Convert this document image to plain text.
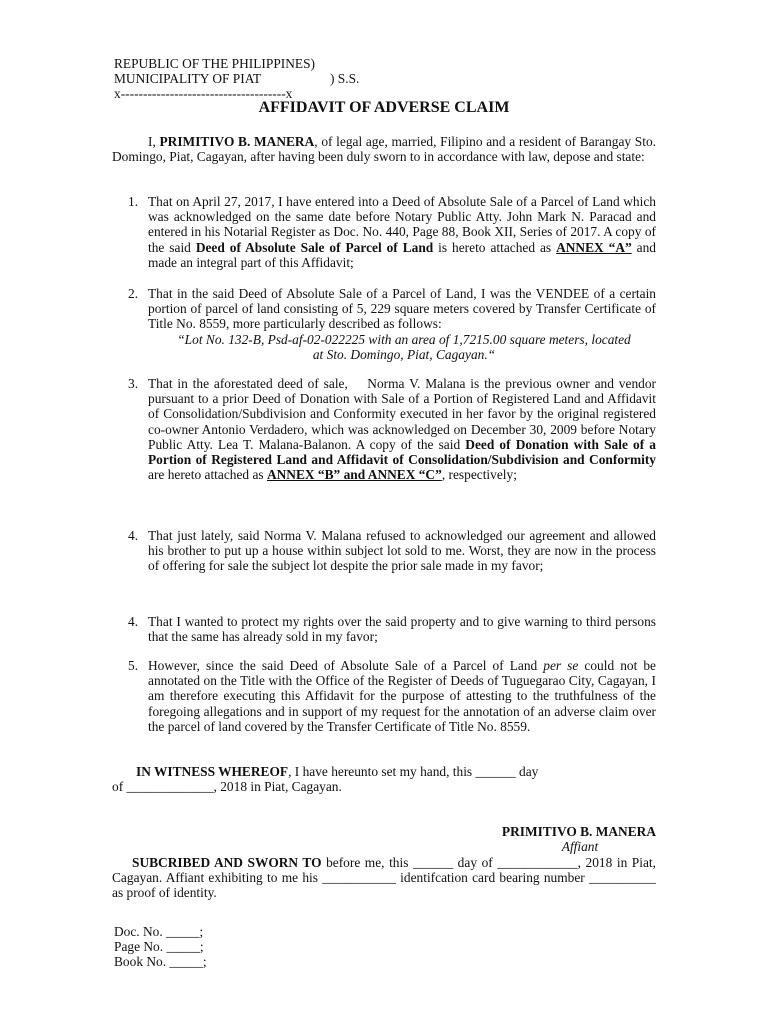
REPUBLIC OF THE PHILIPPINES)
MUNICIPALITY OF PIAT	) S.S.
x-------------------------------------x
AFFIDAVIT OF ADVERSE CLAIM
I, PRIMITIVO B. MANERA, of legal age, married, Filipino and a resident of Barangay Sto. Domingo, Piat, Cagayan, after having been duly sworn to in accordance with law, depose and state:
1. That on April 27, 2017, I have entered into a Deed of Absolute Sale of a Parcel of Land which was acknowledged on the same date before Notary Public Atty. John Mark N. Paracad and entered in his Notarial Register as Doc. No. 440, Page 88, Book XII, Series of 2017. A copy of the said Deed of Absolute Sale of Parcel of Land is hereto attached as ANNEX “A” and made an integral part of this Affidavit;
2. That in the said Deed of Absolute Sale of a Parcel of Land, I was the VENDEE of a certain portion of parcel of land consisting of 5, 229 square meters covered by Transfer Certificate of Title No. 8559, more particularly described as follows:
“Lot No. 132-B, Psd-af-02-022225 with an area of 1,7215.00 square meters, located
at Sto. Domingo, Piat, Cagayan.“
3. That in the aforestated deed of sale,    Norma V. Malana is the previous owner and vendor pursuant to a prior Deed of Donation with Sale of a Portion of Registered Land and Affidavit of Consolidation/Subdivision and Conformity executed in her favor by the original registered co-owner Antonio Verdadero, which was acknowledged on December 30, 2009 before Notary Public Atty. Lea T. Malana-Balanon. A copy of the said Deed of Donation with Sale of a Portion of Registered Land and Affidavit of Consolidation/Subdivision and Conformity are hereto attached as ANNEX “B” and ANNEX “C”, respectively;
4. That just lately, said Norma V. Malana refused to acknowledged our agreement and allowed his brother to put up a house within subject lot sold to me. Worst, they are now in the process of offering for sale the subject lot despite the prior sale made in my favor;
4. That I wanted to protect my rights over the said property and to give warning to third persons that the same has already sold in my favor;
5. However, since the said Deed of Absolute Sale of a Parcel of Land per se could not be annotated on the Title with the Office of the Register of Deeds of Tuguegarao City, Cagayan, I am therefore executing this Affidavit for the purpose of attesting to the truthfulness of the foregoing allegations and in support of my request for the annotation of an adverse claim over the parcel of land covered by the Transfer Certificate of Title No. 8559.
IN WITNESS WHEREOF, I have hereunto set my hand, this ______ day
of _____________, 2018 in Piat, Cagayan.
PRIMITIVO B. MANERA
Affiant
SUBCRIBED AND SWORN TO before me, this ______ day of ____________, 2018 in Piat, Cagayan. Affiant exhibiting to me his ___________ identifcation card bearing number __________ as proof of identity.
Doc. No. _____;
Page No. _____;
Book No. _____;
